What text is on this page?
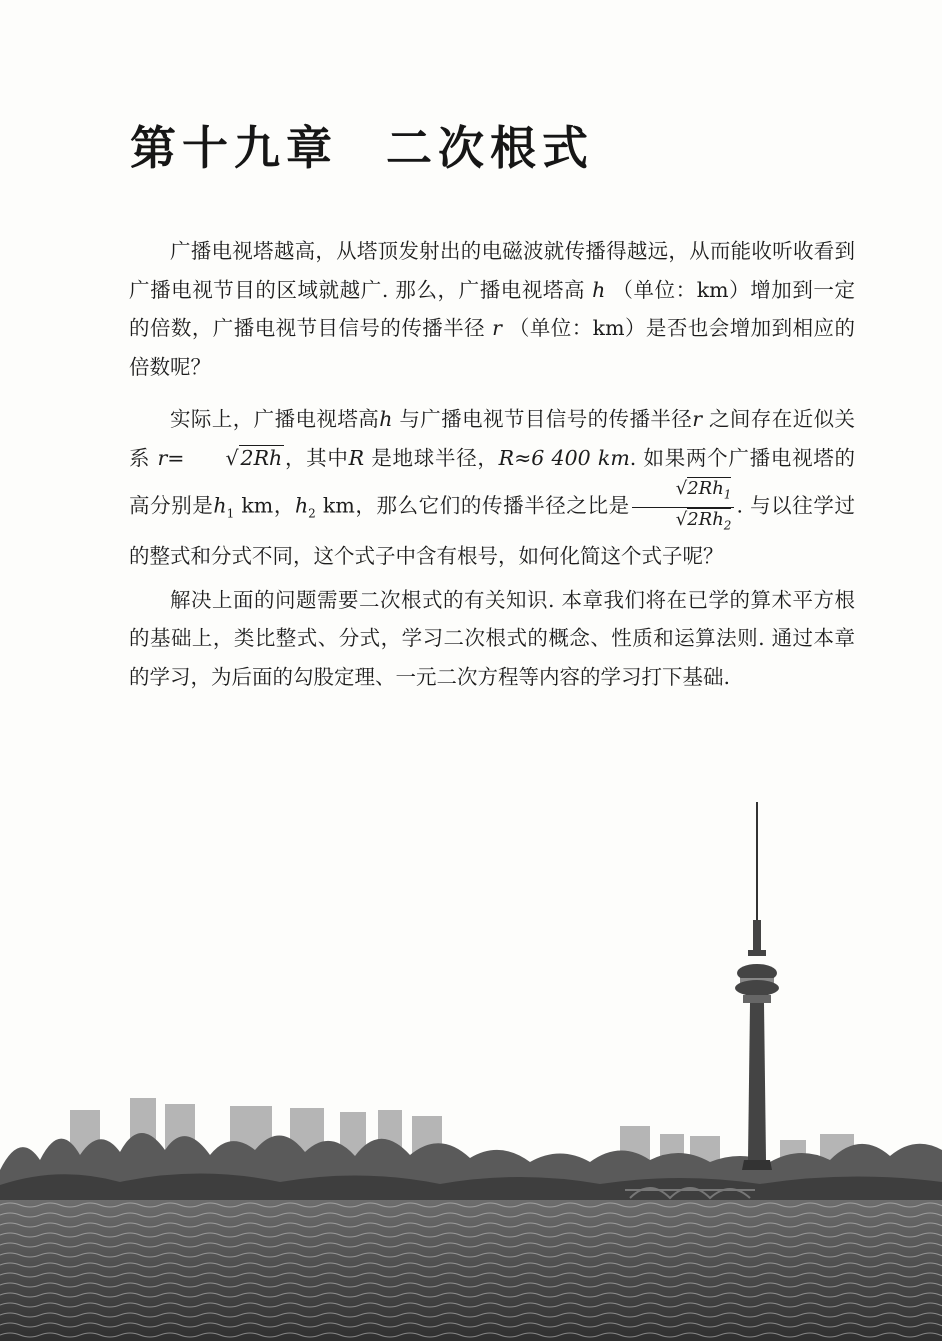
第十九章 二次根式

广播电视塔越高，从塔顶发射出的电磁波就传播得越远，从而能收听收看到广播电视节目的区域就越广. 那么，广播电视塔高 h （单位：km）增加到一定的倍数，广播电视节目信号的传播半径 r （单位：km）是否也会增加到相应的倍数呢？

实际上，广播电视塔高h 与广播电视节目信号的传播半径r 之间存在近似关系 r= √2Rh，其中R 是地球半径，R≈6 400 km. 如果两个广播电视塔的高分别是$h_1$ km，$h_2$ km，那么它们的传播半径之比是 $\frac{√2Rh_1}{√2Rh_2}$ . 与以往学过的整式和分式不同，这个式子中含有根号，如何化简这个式子呢？

解决上面的问题需要二次根式的有关知识. 本章我们将在已学的算术平方根的基础上，类比整式、分式，学习二次根式的概念、性质和运算法则. 通过本章的学习，为后面的勾股定理、一元二次方程等内容的学习打下基础.
